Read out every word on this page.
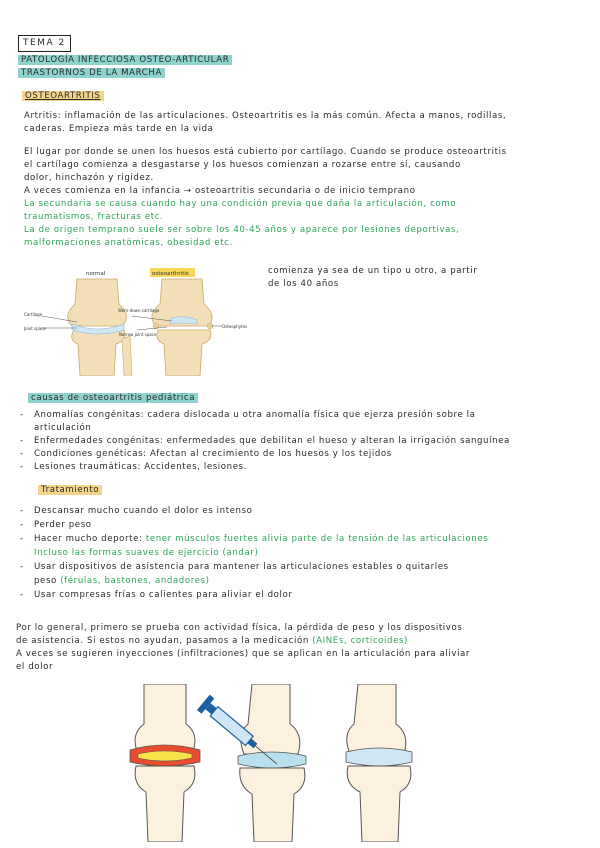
TEMA 2
PATOLOGÍA INFECCIOSA OSTEO-ARTICULAR
TRASTORNOS DE LA MARCHA
OSTEOARTRITIS
Artritis: inflamación de las articulaciones. Osteoartritis es la más común. Afecta a manos, rodillas,
caderas. Empieza más tarde en la vida
El lugar por donde se unen los huesos está cubierto por cartílago. Cuando se produce osteoartritis
el cartílago comienza a desgastarse y los huesos comienzan a rozarse entre sí, causando
dolor, hinchazón y rigidez.
A veces comienza en la infancia → osteoartritis secundaria o de inicio temprano
La secundaria se causa cuando hay una condición previa que daña la articulación, como
traumatismos, fracturas etc.
La de origen temprano suele ser sobre los 40-45 años y aparece por lesiones deportivas,
malformaciones anatómicas, obesidad etc.
normal	osteoarthritis
Cartilage
Joint space
Worn-down cartilage
Narrow joint space
Osteophytes
comienza ya sea de un tipo u otro, a partir
de los 40 años
causas de osteoartritis pediátrica
- Anomalías congénitas: cadera dislocada u otra anomalía física que ejerza presión sobre la
articulación
- Enfermedades congénitas: enfermedades que debilitan el hueso y alteran la irrigación sanguínea
- Condiciones genéticas: Afectan al crecimiento de los huesos y los tejidos
- Lesiones traumáticas: Accidentes, lesiones.
Tratamiento
- Descansar mucho cuando el dolor es intenso
- Perder peso
- Hacer mucho deporte: tener músculos fuertes alivia parte de la tensión de las articulaciones
Incluso las formas suaves de ejercicio (andar)
- Usar dispositivos de asistencia para mantener las articulaciones estables o quitarles
peso (férulas, bastones, andadores)
- Usar compresas frías o calientes para aliviar el dolor
Por lo general, primero se prueba con actividad física, la pérdida de peso y los dispositivos
de asistencia. Si estos no ayudan, pasamos a la medicación (AINEs, corticoides)
A veces se sugieren inyecciones (infiltraciones) que se aplican en la articulación para aliviar
el dolor
